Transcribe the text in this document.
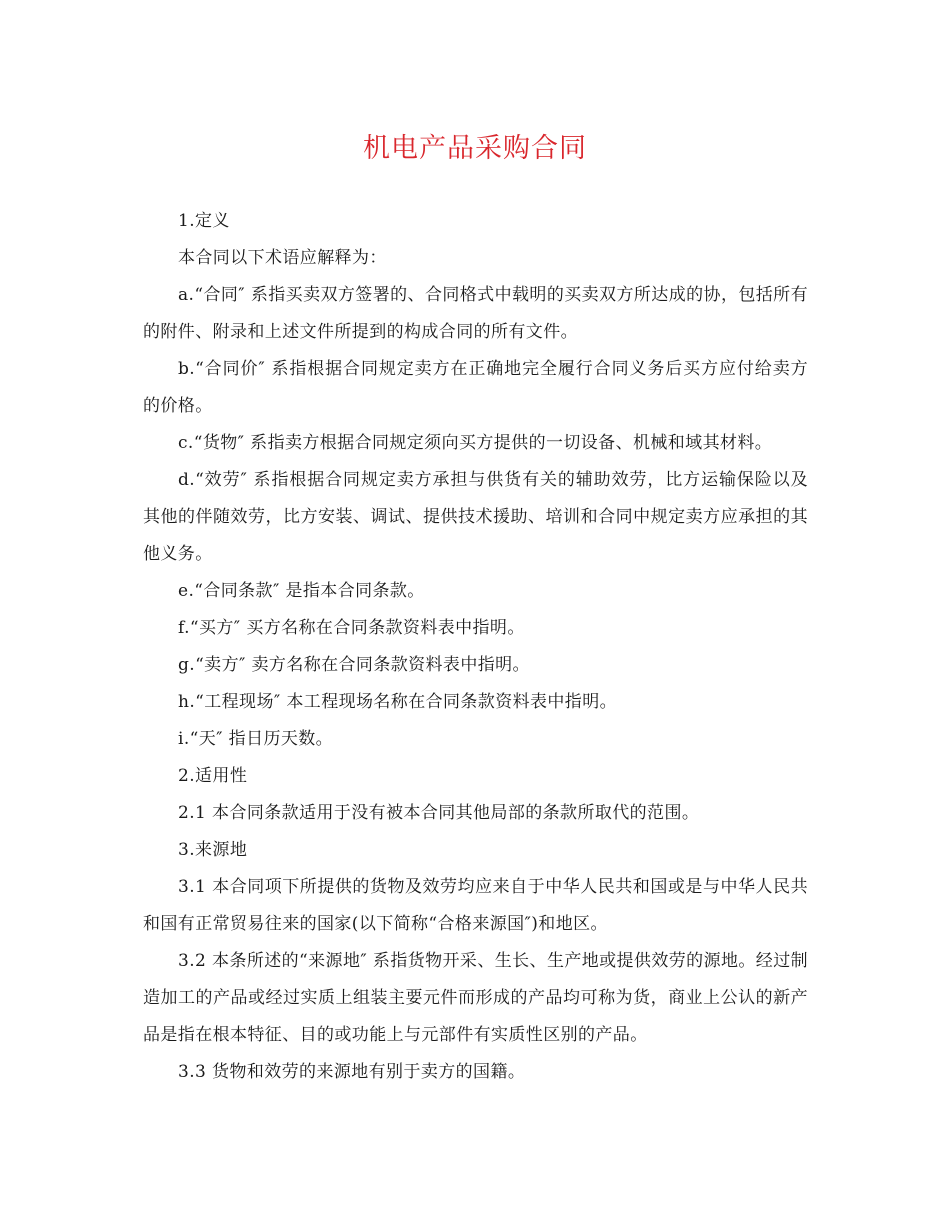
机电产品采购合同

1.定义

本合同以下术语应解释为：

a.“合同″ 系指买卖双方签署的、合同格式中载明的买卖双方所达成的协，包括所有的附件、附录和上述文件所提到的构成合同的所有文件。

b.“合同价″ 系指根据合同规定卖方在正确地完全履行合同义务后买方应付给卖方的价格。

c.“货物″ 系指卖方根据合同规定须向买方提供的一切设备、机械和域其材料。

d.“效劳″ 系指根据合同规定卖方承担与供货有关的辅助效劳，比方运输保险以及其他的伴随效劳，比方安装、调试、提供技术援助、培训和合同中规定卖方应承担的其他义务。

e.“合同条款″ 是指本合同条款。

f.“买方″ 买方名称在合同条款资料表中指明。

g.“卖方″ 卖方名称在合同条款资料表中指明。

h.“工程现场″ 本工程现场名称在合同条款资料表中指明。

i.“天″ 指日历天数。

2.适用性

2.1 本合同条款适用于没有被本合同其他局部的条款所取代的范围。

3.来源地

3.1 本合同项下所提供的货物及效劳均应来自于中华人民共和国或是与中华人民共和国有正常贸易往来的国家(以下简称“合格来源国″)和地区。

3.2 本条所述的“来源地″ 系指货物开采、生长、生产地或提供效劳的源地。经过制造加工的产品或经过实质上组装主要元件而形成的产品均可称为货，商业上公认的新产品是指在根本特征、目的或功能上与元部件有实质性区别的产品。

3.3 货物和效劳的来源地有别于卖方的国籍。
